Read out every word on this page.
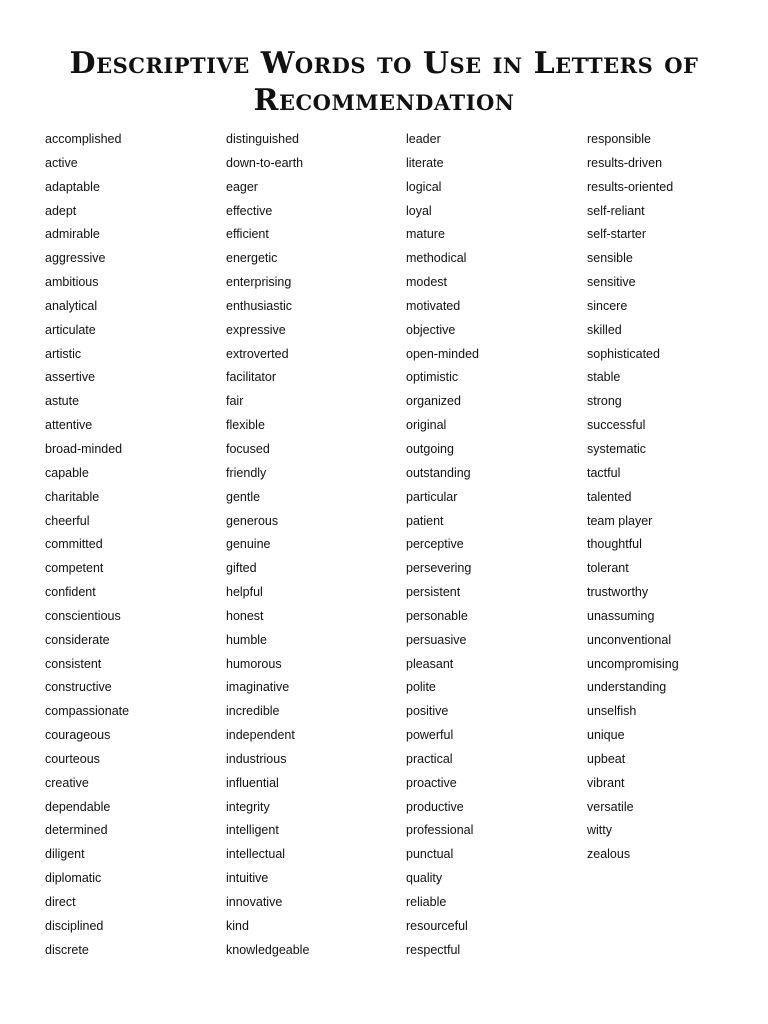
Descriptive Words to Use in Letters of
Recommendation
accomplished
active
adaptable
adept
admirable
aggressive
ambitious
analytical
articulate
artistic
assertive
astute
attentive
broad-minded
capable
charitable
cheerful
committed
competent
confident
conscientious
considerate
consistent
constructive
compassionate
courageous
courteous
creative
dependable
determined
diligent
diplomatic
direct
disciplined
discrete
distinguished
down-to-earth
eager
effective
efficient
energetic
enterprising
enthusiastic
expressive
extroverted
facilitator
fair
flexible
focused
friendly
gentle
generous
genuine
gifted
helpful
honest
humble
humorous
imaginative
incredible
independent
industrious
influential
integrity
intelligent
intellectual
intuitive
innovative
kind
knowledgeable
leader
literate
logical
loyal
mature
methodical
modest
motivated
objective
open-minded
optimistic
organized
original
outgoing
outstanding
particular
patient
perceptive
persevering
persistent
personable
persuasive
pleasant
polite
positive
powerful
practical
proactive
productive
professional
punctual
quality
reliable
resourceful
respectful
responsible
results-driven
results-oriented
self-reliant
self-starter
sensible
sensitive
sincere
skilled
sophisticated
stable
strong
successful
systematic
tactful
talented
team player
thoughtful
tolerant
trustworthy
unassuming
unconventional
uncompromising
understanding
unselfish
unique
upbeat
vibrant
versatile
witty
zealous
